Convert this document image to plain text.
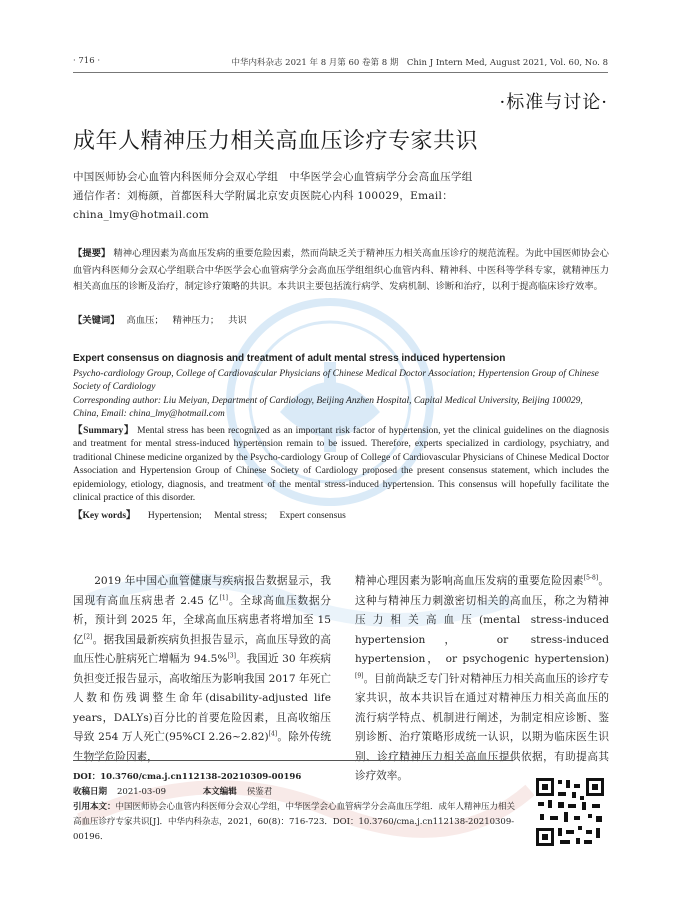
· 716 ·	中华内科杂志 2021 年 8 月第 60 卷第 8 期　Chin J Intern Med, August 2021, Vol. 60, No. 8
·标准与讨论·
成年人精神压力相关高血压诊疗专家共识
中国医师协会心血管内科医师分会双心学组　中华医学会心血管病学分会高血压学组
通信作者：刘梅颜，首都医科大学附属北京安贞医院心内科 100029，Email：
china_lmy@hotmail.com
【提要】 精神心理因素为高血压发病的重要危险因素，然而尚缺乏关于精神压力相关高血压诊疗的规范流程。为此中国医师协会心血管内科医师分会双心学组联合中华医学会心血管病学分会高血压学组组织心血管内科、精神科、中医科等学科专家，就精神压力相关高血压的诊断及治疗，制定诊疗策略的共识。本共识主要包括流行病学、发病机制、诊断和治疗，以利于提高临床诊疗效率。
【关键词】 高血压； 精神压力； 共识
Expert consensus on diagnosis and treatment of adult mental stress induced hypertension
Psycho-cardiology Group, College of Cardiovascular Physicians of Chinese Medical Doctor Association; Hypertension Group of Chinese Society of Cardiology
Corresponding author: Liu Meiyan, Department of Cardiology, Beijing Anzhen Hospital, Capital Medical University, Beijing 100029, China, Email: china_lmy@hotmail.com
【Summary】 Mental stress has been recognized as an important risk factor of hypertension, yet the clinical guidelines on the diagnosis and treatment for mental stress-induced hypertension remain to be issued. Therefore, experts specialized in cardiology, psychiatry, and traditional Chinese medicine organized by the Psycho-cardiology Group of College of Cardiovascular Physicians of Chinese Medical Doctor Association and Hypertension Group of Chinese Society of Cardiology proposed the present consensus statement, which includes the epidemiology, etiology, diagnosis, and treatment of the mental stress-induced hypertension. This consensus will hopefully facilitate the clinical practice of this disorder.
【Key words】 Hypertension; Mental stress; Expert consensus
2019 年中国心血管健康与疾病报告数据显示，我国现有高血压病患者 2.45 亿[1]。全球高血压数据分析，预计到 2025 年，全球高血压病患者将增加至 15 亿[2]。据我国最新疾病负担报告显示，高血压导致的高血压性心脏病死亡增幅为 94.5%[3]。我国近 30 年疾病负担变迁报告显示，高收缩压为影响我国 2017 年死亡人数和伤残调整生命年(disability-adjusted life years，DALYs)百分比的首要危险因素，且高收缩压导致 254 万人死亡(95%CI 2.26~2.82)[4]。除外传统生物学危险因素，
精神心理因素为影响高血压发病的重要危险因素[5-8]。这种与精神压力刺激密切相关的高血压，称之为精神压力相关高血压(mental stress-induced hypertension， or stress-induced hypertension， or psychogenic hypertension)[9]。目前尚缺乏专门针对精神压力相关高血压的诊疗专家共识，故本共识旨在通过对精神压力相关高血压的流行病学特点、机制进行阐述，为制定相应诊断、鉴别诊断、治疗策略形成统一认识，以期为临床医生识别、诊疗精神压力相关高血压提供依据，有助提高其诊疗效率。
DOI：10.3760/cma.j.cn112138-20210309-00196
收稿日期 2021-03-09	本文编辑 侯鉴君
引用本文：中国医师协会心血管内科医师分会双心学组，中华医学会心血管病学分会高血压学组．成年人精神压力相关高血压诊疗专家共识[J]．中华内科杂志，2021，60(8)：716-723．DOI：10.3760/cma.j.cn112138-20210309-00196．
